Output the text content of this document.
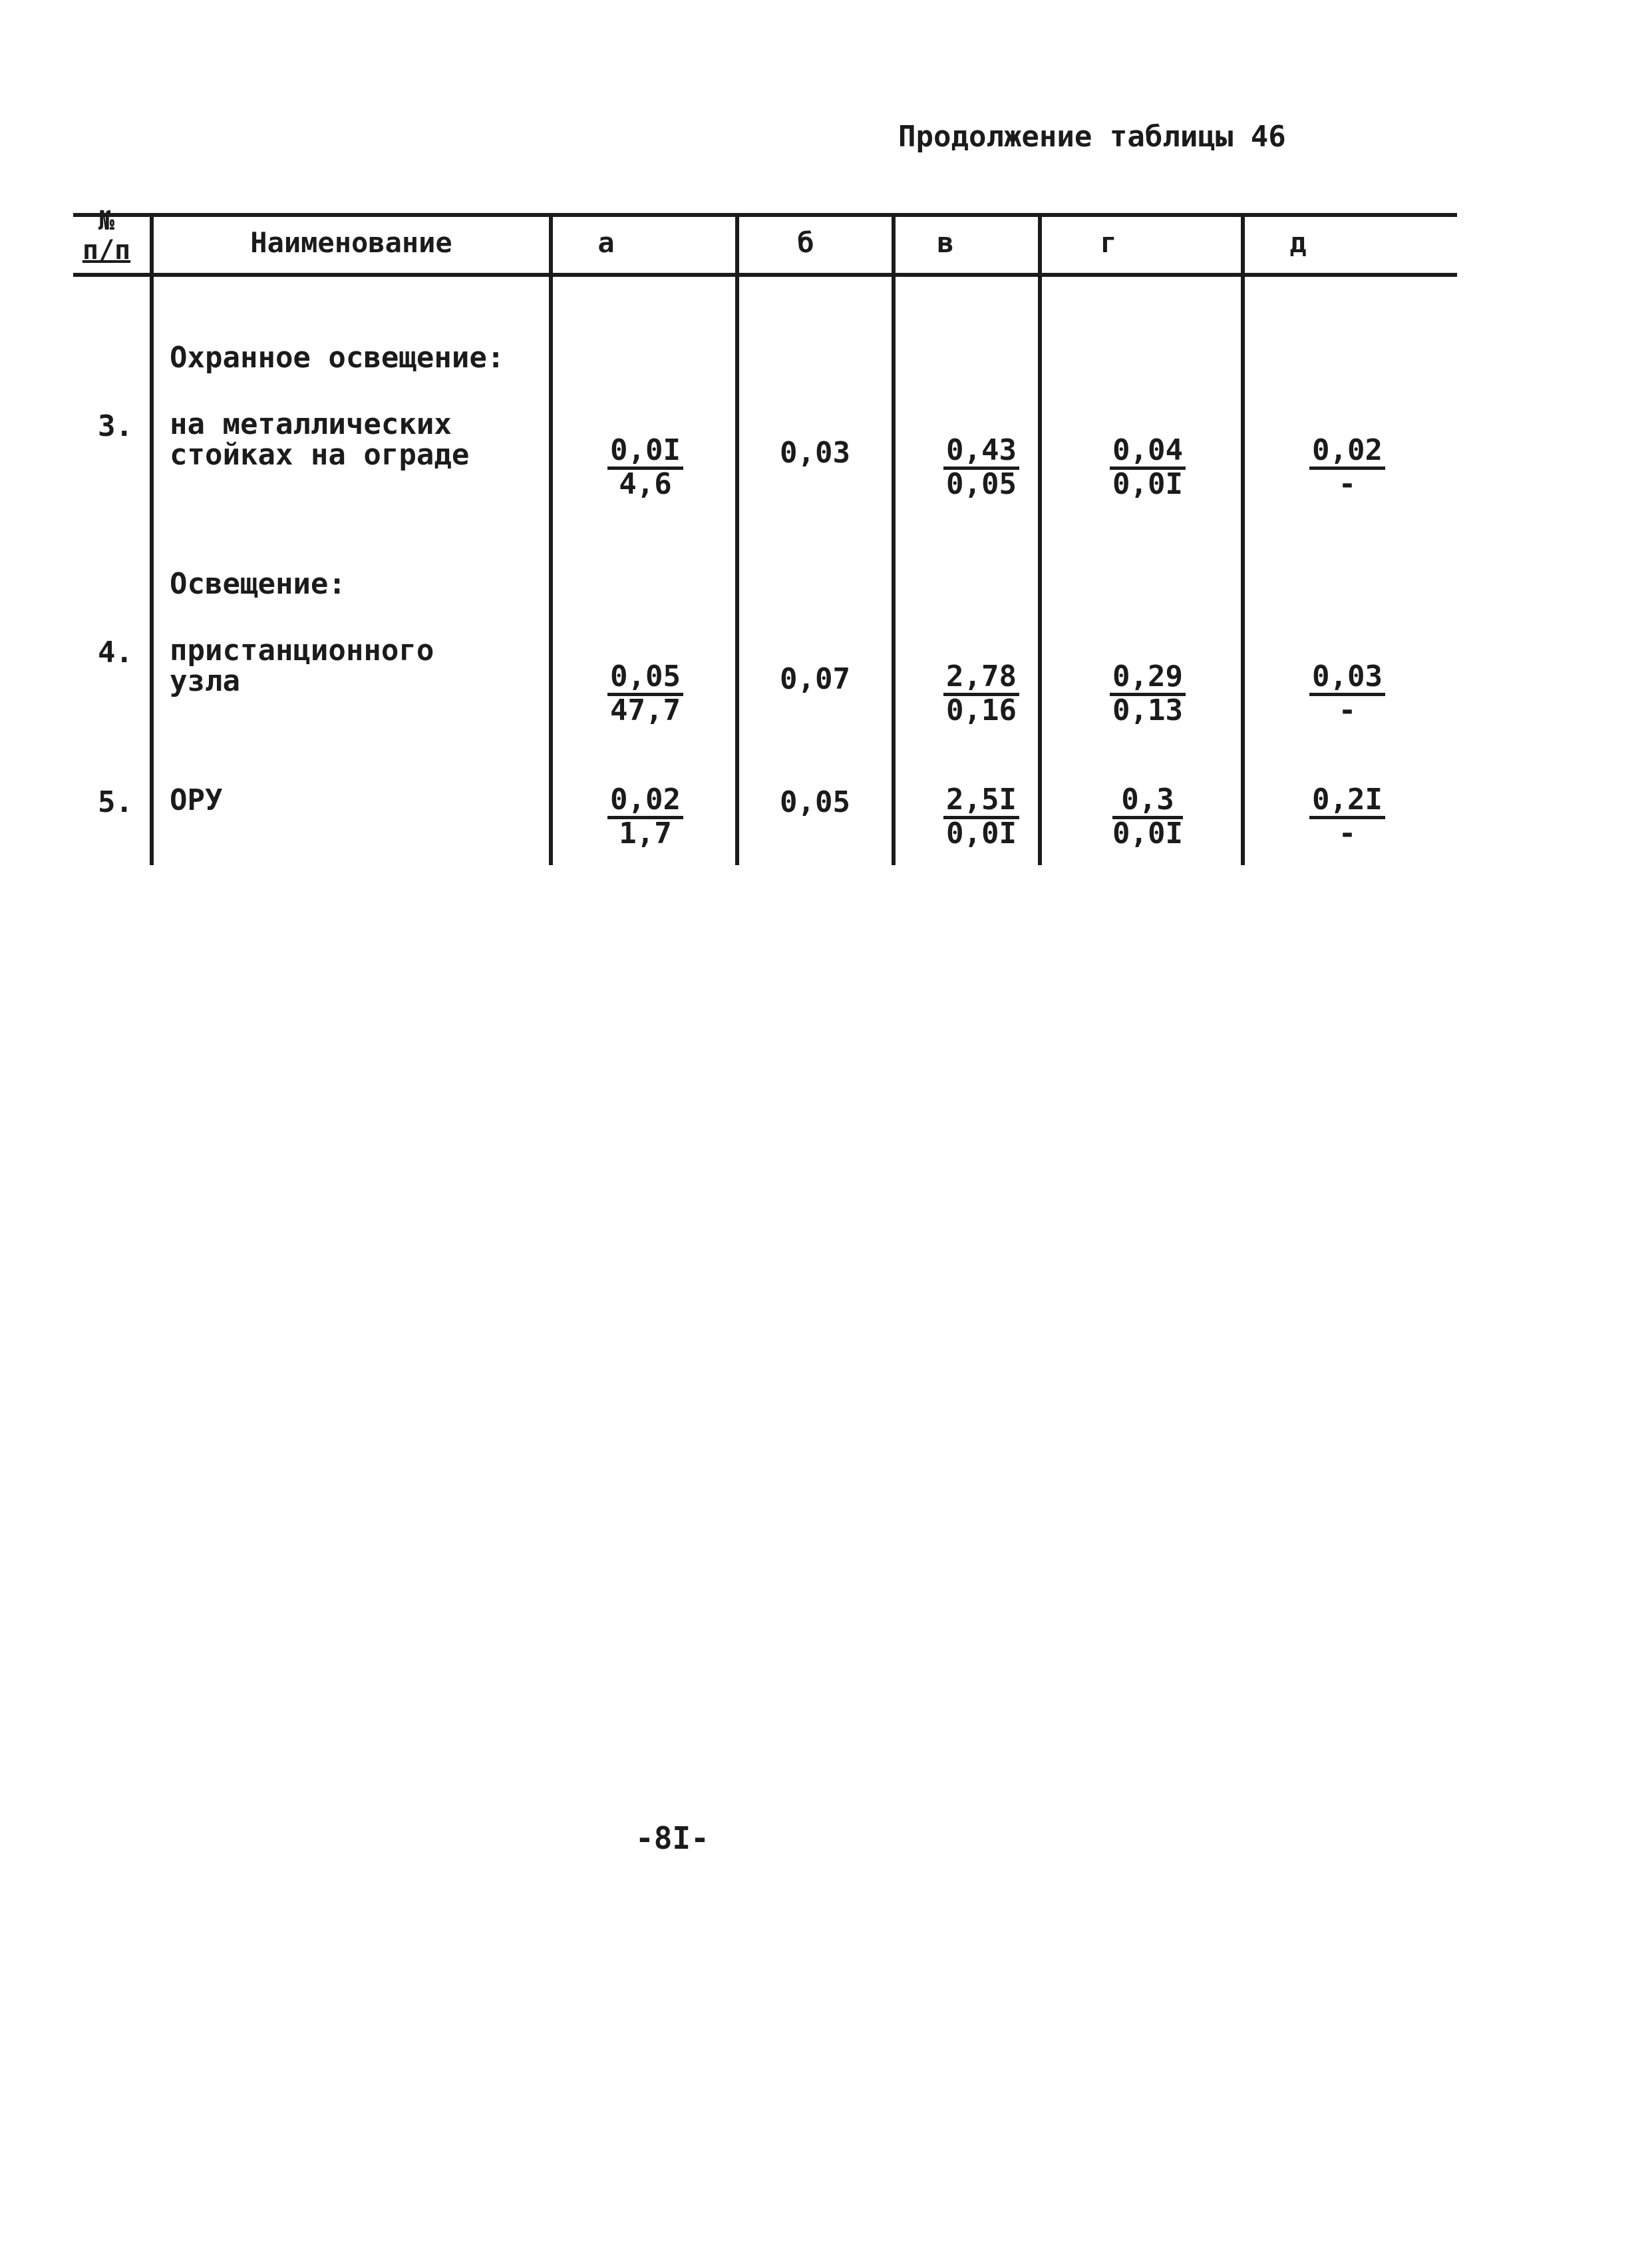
Продолжение таблицы 46
№
п/п	Наименование	а	б	в	г	д
Охранное освещение:
3. на металлических
стойках на ограде	$\frac{0,0I}{4,6}$	0,03	$\frac{0,43}{0,05}$	$\frac{0,04}{0,0I}$	$\frac{0,02}{-}$
Освещение:
4. пристанционного
узла	$\frac{0,05}{47,7}$	0,07	$\frac{2,78}{0,16}$	$\frac{0,29}{0,13}$	$\frac{0,03}{-}$
5. ОРУ	$\frac{0,02}{1,7}$	0,05	$\frac{2,5I}{0,0I}$	$\frac{0,3}{0,0I}$	$\frac{0,2I}{-}$
-8I-
